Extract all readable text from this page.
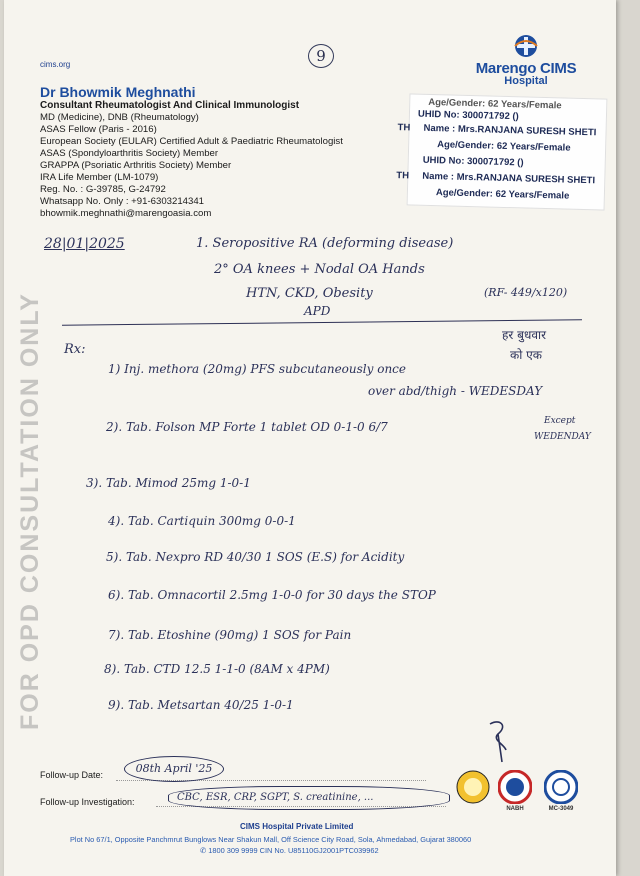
9
cims.org
Dr Bhowmik Meghnathi
Consultant Rheumatologist And Clinical Immunologist
MD (Medicine), DNB (Rheumatology)
ASAS Fellow (Paris - 2016)
European Society (EULAR) Certified Adult & Paediatric Rheumatologist
ASAS (Spondyloarthritis Society) Member
GRAPPA (Psoriatic Arthritis Society) Member
IRA Life Member (LM-1079)
Reg. No. : G-39785, G-24792
Whatsapp No. Only : +91-6303214341
bhowmik.meghnathi@marengoasia.com
Marengo CIMS
Hospital
Age/Gender: 62 Years/Female
UHID No: 300071792 ()
TH Name : Mrs.RANJANA SURESH SHETI
Age/Gender: 62 Years/Female
UHID No: 300071792 ()
TH Name : Mrs.RANJANA SURESH SHETI
Age/Gender: 62 Years/Female
FOR OPD CONSULTATION ONLY
28|01|2025	1. Seropositive RA (deforming disease)
2° OA knees + Nodal OA Hands
HTN, CKD, Obesity	(RF- 449/x120)
APD
हर बुधवार
को एक
Rx:
1) Inj. methora (20mg) PFS subcutaneously once
over abd/thigh - WEDESDAY
2). Tab. Folson MP Forte 1 tablet OD 0-1-0 6/7	Except
WEDENDAY
3). Tab. Mimod 25mg 1-0-1
4). Tab. Cartiquin 300mg 0-0-1
5). Tab. Nexpro RD 40/30 1 SOS (E.S) for Acidity
6). Tab. Omnacortil 2.5mg 1-0-0 for 30 days the STOP
7). Tab. Etoshine (90mg) 1 SOS for Pain
8). Tab. CTD 12.5 1-1-0 (8AM x 4PM)
9). Tab. Metsartan 40/25 1-0-1
Follow-up Date:	08th April '25
Follow-up Investigation:	CBC, ESR, CRP, SGPT, S. creatinine, ...
NABH	MC-3049
CIMS Hospital Private Limited
Plot No 67/1, Opposite Panchmrut Bunglows Near Shakun Mall, Off Science City Road, Sola, Ahmedabad, Gujarat 380060
✆ 1800 309 9999 CIN No. U85110GJ2001PTC039962
